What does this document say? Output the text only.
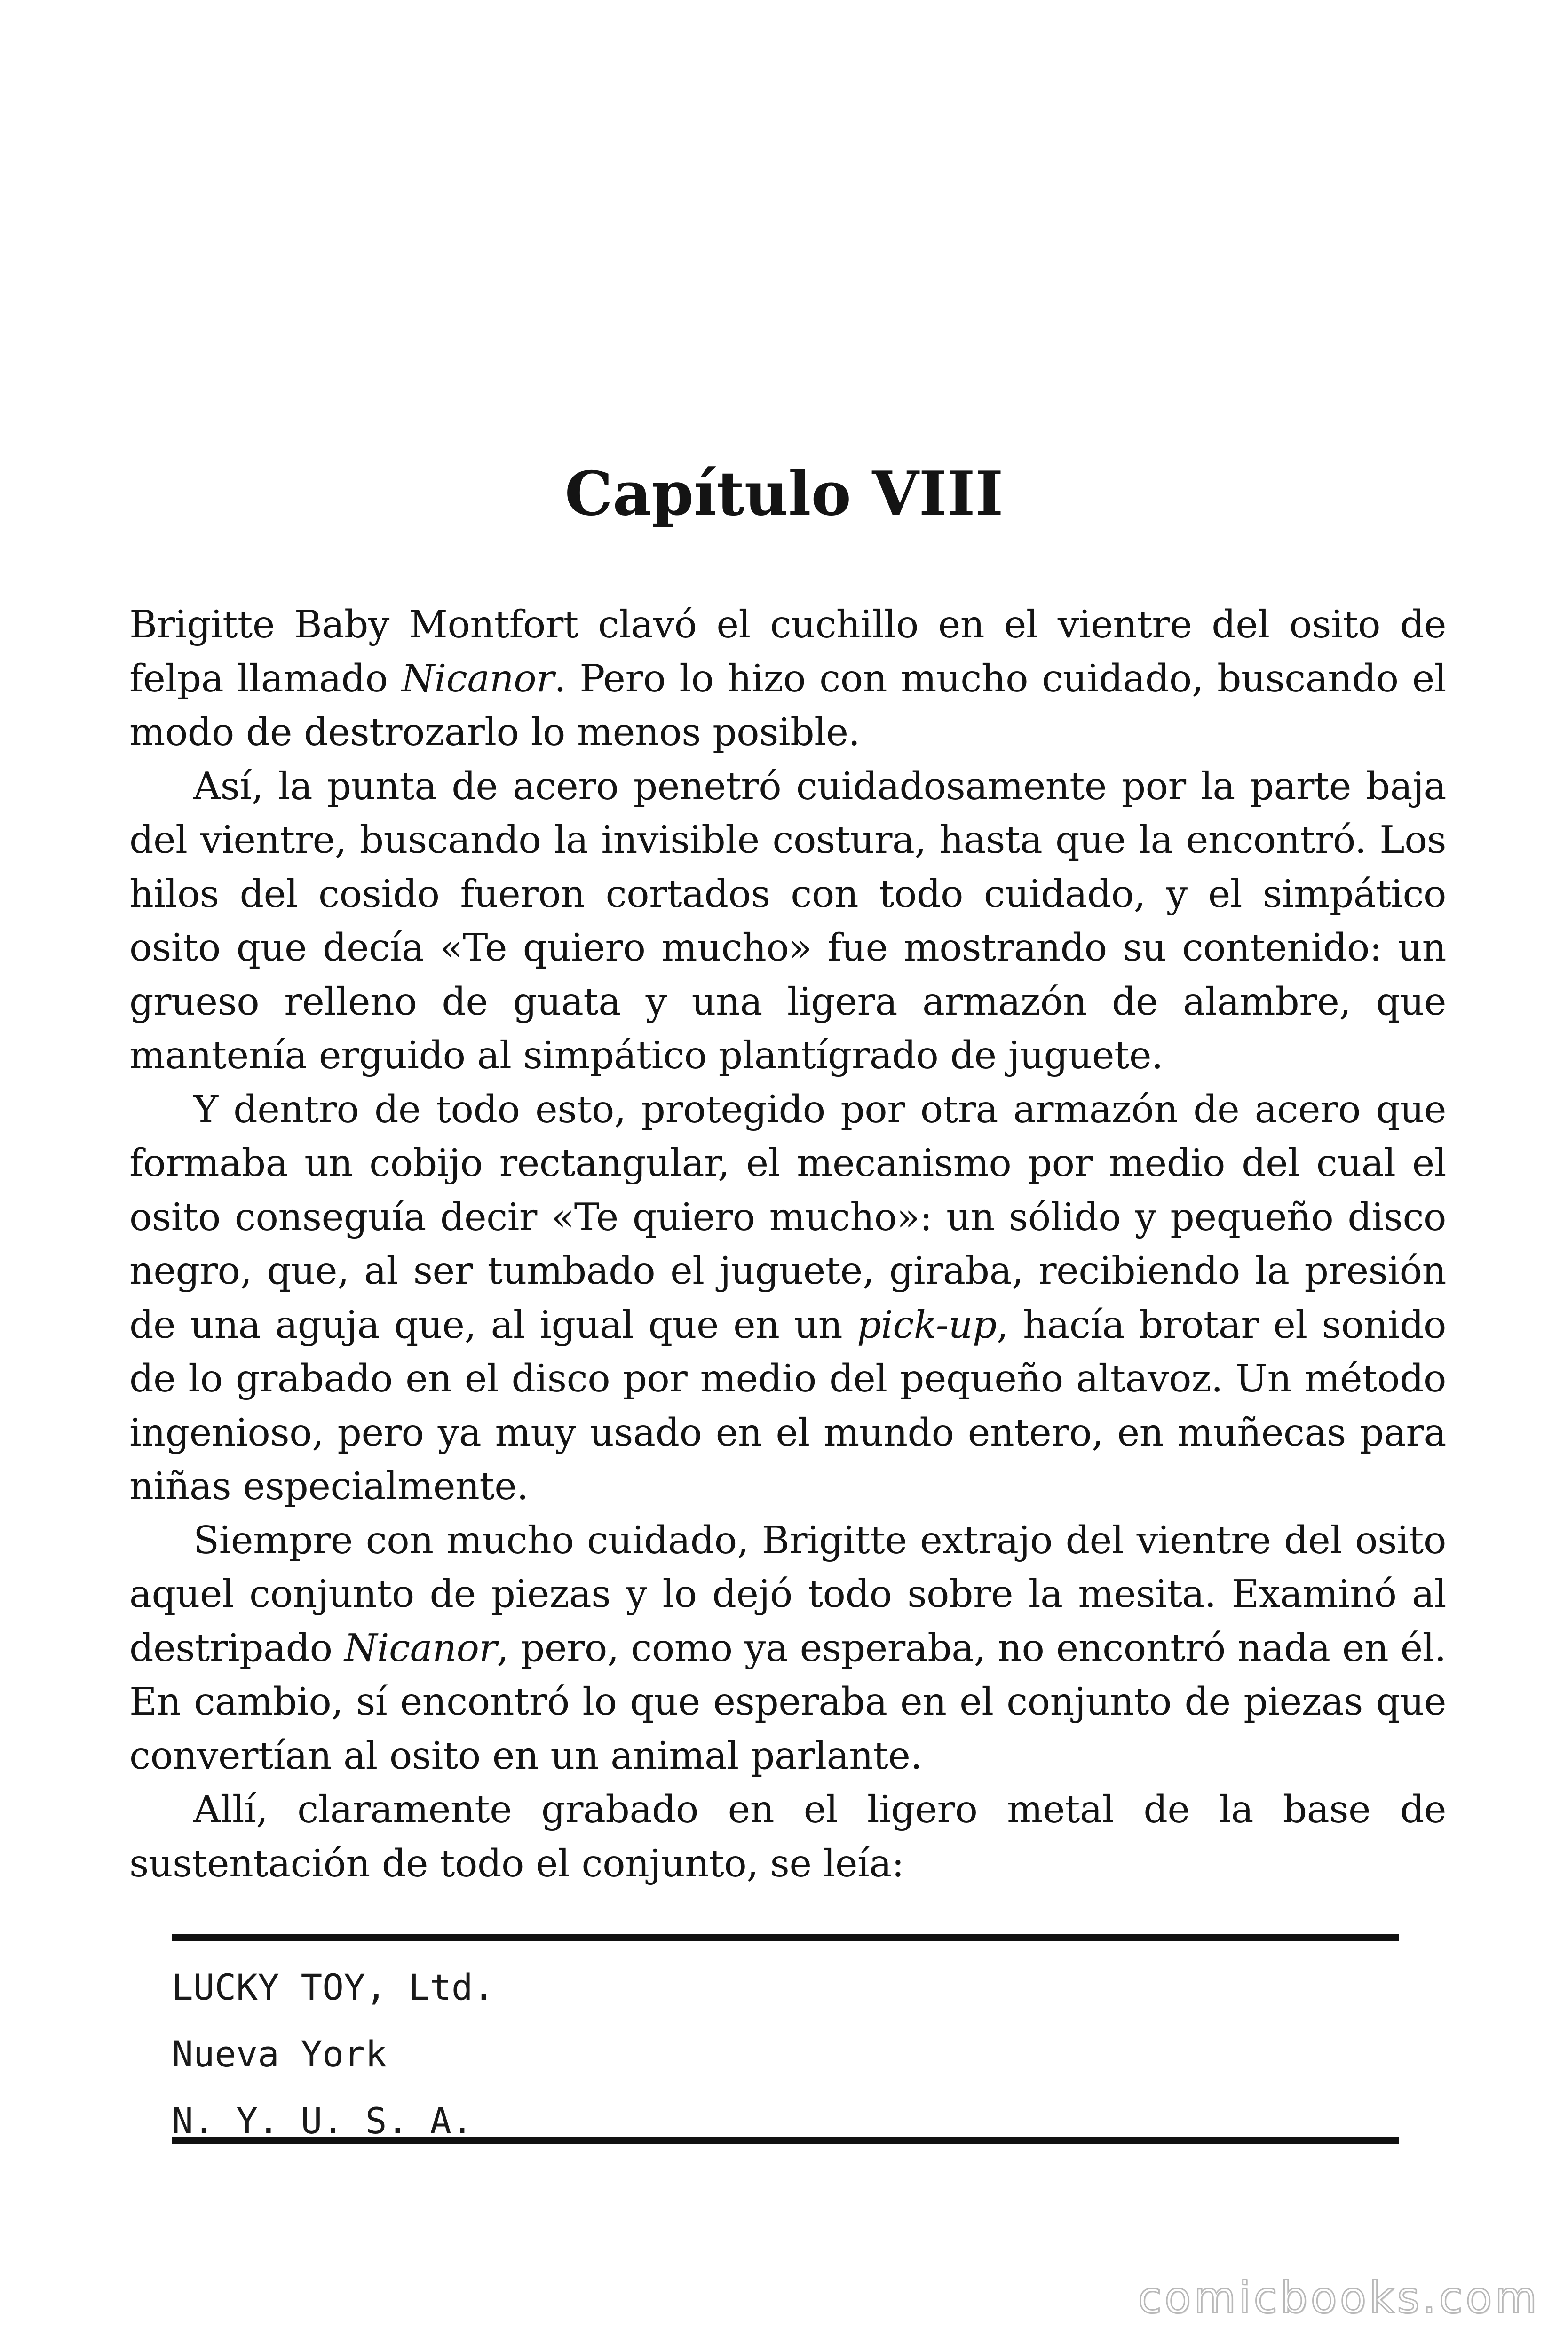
Capítulo VIII

Brigitte Baby Montfort clavó el cuchillo en el vientre del osito de felpa llamado Nicanor. Pero lo hizo con mucho cuidado, buscando el modo de destrozarlo lo menos posible.

Así, la punta de acero penetró cuidadosamente por la parte baja del vientre, buscando la invisible costura, hasta que la encontró. Los hilos del cosido fueron cortados con todo cuidado, y el simpático osito que decía «Te quiero mucho» fue mostrando su contenido: un grueso relleno de guata y una ligera armazón de alambre, que mantenía erguido al simpático plantígrado de juguete.

Y dentro de todo esto, protegido por otra armazón de acero que formaba un cobijo rectangular, el mecanismo por medio del cual el osito conseguía decir «Te quiero mucho»: un sólido y pequeño disco negro, que, al ser tumbado el juguete, giraba, recibiendo la presión de una aguja que, al igual que en un pick-up, hacía brotar el sonido de lo grabado en el disco por medio del pequeño altavoz. Un método ingenioso, pero ya muy usado en el mundo entero, en muñecas para niñas especialmente.

Siempre con mucho cuidado, Brigitte extrajo del vientre del osito aquel conjunto de piezas y lo dejó todo sobre la mesita. Examinó al destripado Nicanor, pero, como ya esperaba, no encontró nada en él. En cambio, sí encontró lo que esperaba en el conjunto de piezas que convertían al osito en un animal parlante.

Allí, claramente grabado en el ligero metal de la base de sustentación de todo el conjunto, se leía:

LUCKY TOY, Ltd.
Nueva York
N. Y. U. S. A.
comicbooks.com
